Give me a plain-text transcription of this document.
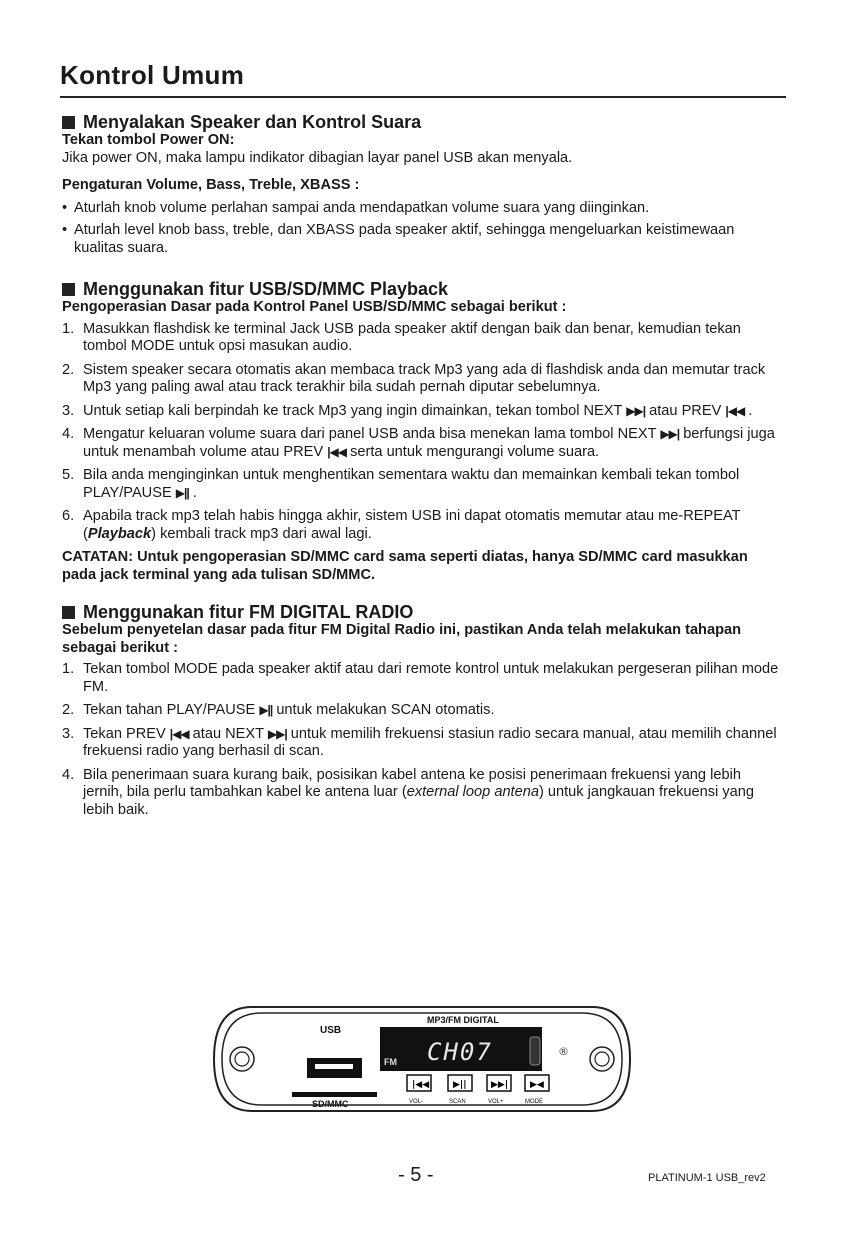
Kontrol Umum
Menyalakan Speaker dan Kontrol Suara

Tekan tombol Power ON:

Jika power ON, maka lampu indikator dibagian layar panel USB akan menyala.

Pengaturan Volume, Bass, Treble, XBASS :

• Aturlah knob volume perlahan sampai anda mendapatkan volume suara yang diinginkan.
• Aturlah level knob bass, treble, dan XBASS pada speaker aktif, sehingga mengeluarkan keistimewaan kualitas suara.
Menggunakan fitur USB/SD/MMC Playback

Pengoperasian Dasar pada Kontrol Panel USB/SD/MMC sebagai berikut :

1. Masukkan flashdisk ke terminal Jack USB pada speaker aktif dengan baik dan benar, kemudian tekan tombol MODE untuk opsi masukan audio.
2. Sistem speaker secara otomatis akan membaca track Mp3 yang ada di flashdisk anda dan memutar track Mp3 yang paling awal atau track terakhir bila sudah pernah diputar sebelumnya.
3. Untuk setiap kali berpindah ke track Mp3 yang ingin dimainkan, tekan tombol NEXT ▶▶| atau PREV |◀◀ .
4. Mengatur keluaran volume suara dari panel USB anda bisa menekan lama tombol NEXT ▶▶| berfungsi juga untuk menambah volume atau PREV |◀◀ serta untuk mengurangi volume suara.
5. Bila anda menginginkan untuk menghentikan sementara waktu dan memainkan kembali tekan tombol PLAY/PAUSE ▶|| .
6. Apabila track mp3 telah habis hingga akhir, sistem USB ini dapat otomatis memutar atau me-REPEAT (Playback) kembali track mp3 dari awal lagi.

CATATAN: Untuk pengoperasian SD/MMC card sama seperti diatas, hanya SD/MMC card masukkan pada jack terminal yang ada tulisan SD/MMC.

Menggunakan fitur FM DIGITAL RADIO

Sebelum penyetelan dasar pada fitur FM Digital Radio ini, pastikan Anda telah melakukan tahapan sebagai berikut :

1. Tekan tombol MODE pada speaker aktif atau dari remote kontrol untuk melakukan pergeseran pilihan mode FM.
2. Tekan tahan PLAY/PAUSE ▶|| untuk melakukan SCAN otomatis.
3. Tekan PREV |◀◀ atau NEXT ▶▶| untuk memilih frekuensi stasiun radio secara manual, atau memilih channel frekuensi radio yang berhasil di scan.
4. Bila penerimaan suara kurang baik, posisikan kabel antena ke posisi penerimaan frekuensi yang lebih jernih, bila perlu tambahkan kabel ke antena luar (external loop antena) untuk jangkauan frekuensi yang lebih baik.
USB
SD/MMC
MP3/FM DIGITAL
FM CH07	®
|◀◀
VOL-
▶||
SCAN
▶▶|
VOL+
▶◀
MODE
- 5 -	PLATINUM-1 USB_rev2
